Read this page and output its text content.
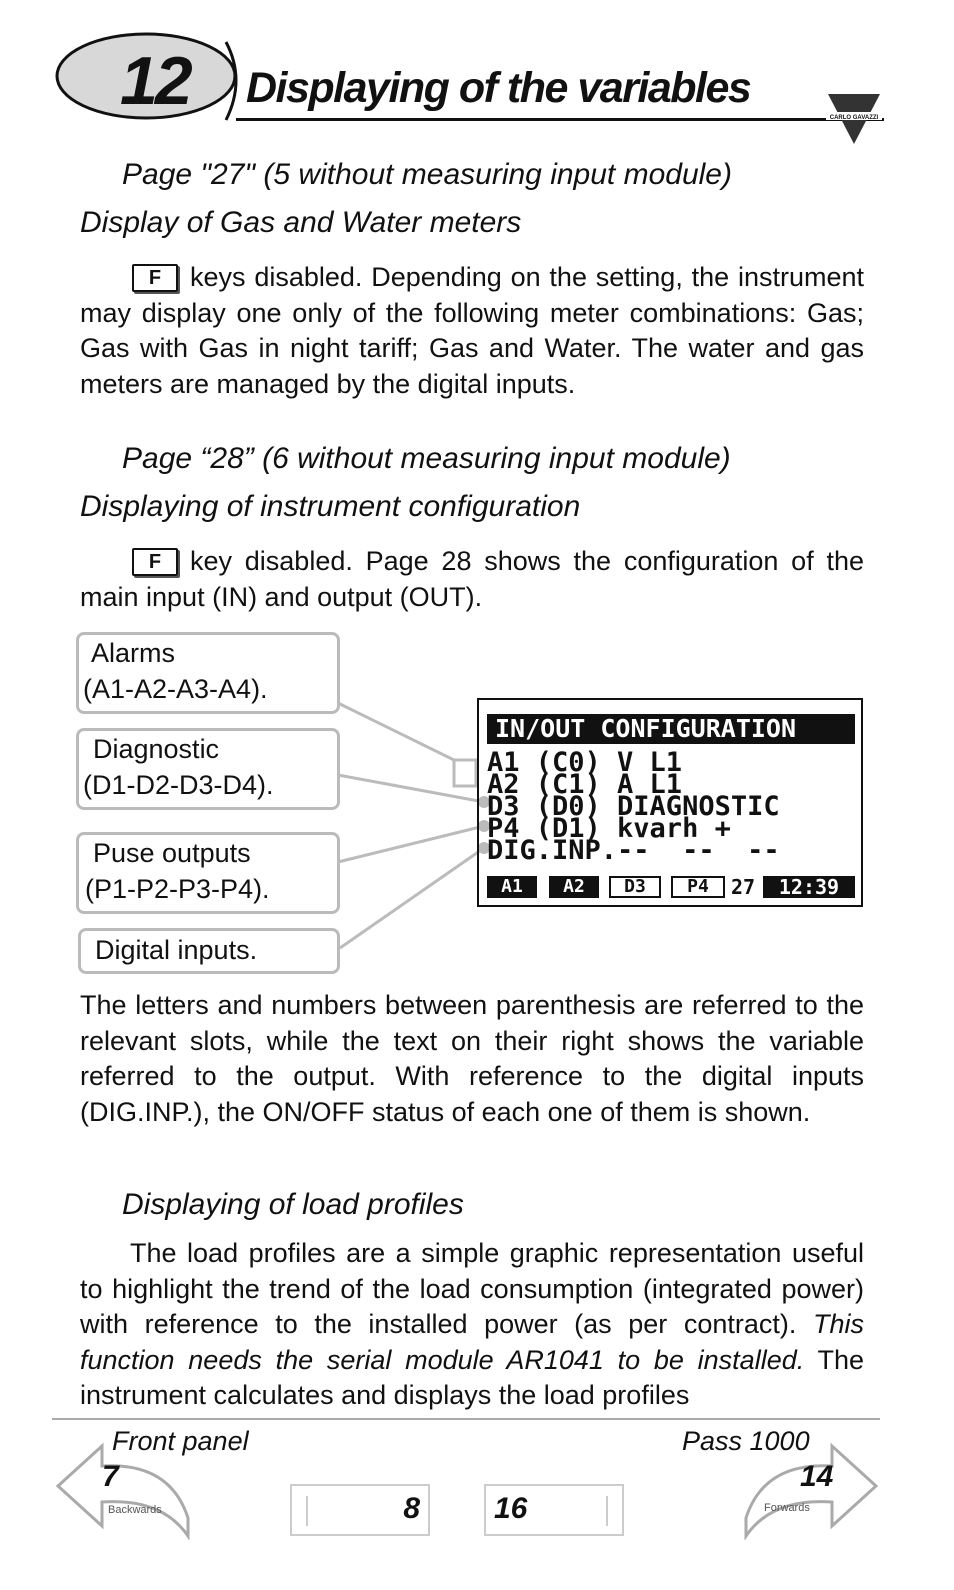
12 Displaying of the variables
CARLO GAVAZZI
Page "27" (5 without measuring input module)
Display of Gas and Water meters
F keys disabled. Depending on the setting, the instrument may display one only of the following meter combinations: Gas; Gas with Gas in night tariff; Gas and Water. The water and gas meters are managed by the digital inputs.
Page “28” (6 without measuring input module)
Displaying of instrument configuration
F key disabled. Page 28 shows the configuration of the main input (IN) and output (OUT).
Alarms
(A1-A2-A3-A4).
Diagnostic
(D1-D2-D3-D4).
Puse outputs
(P1-P2-P3-P4).
Digital inputs.
IN/OUT CONFIGURATION
A1 (C0) V L1
A2 (C1) A L1
D3 (D0) DIAGNOSTIC
P4 (D1) kvarh +
DIG.INP.--  --  --
A1	A2	D3	P4	27	12:39
The letters and numbers between parenthesis are referred to the relevant slots, while the text on their right shows the variable referred to the output. With reference to the digital inputs (DIG.INP.), the ON/OFF status of each one of them is shown.
Displaying of load profiles
The load profiles are a simple graphic representation useful to highlight the trend of the load consumption (integrated power) with reference to the installed power (as per contract). This function needs the serial module AR1041 to be installed. The instrument calculates and displays the load profiles
Front panel	Pass 1000
7
Backwards	8 16
14
Forwards
